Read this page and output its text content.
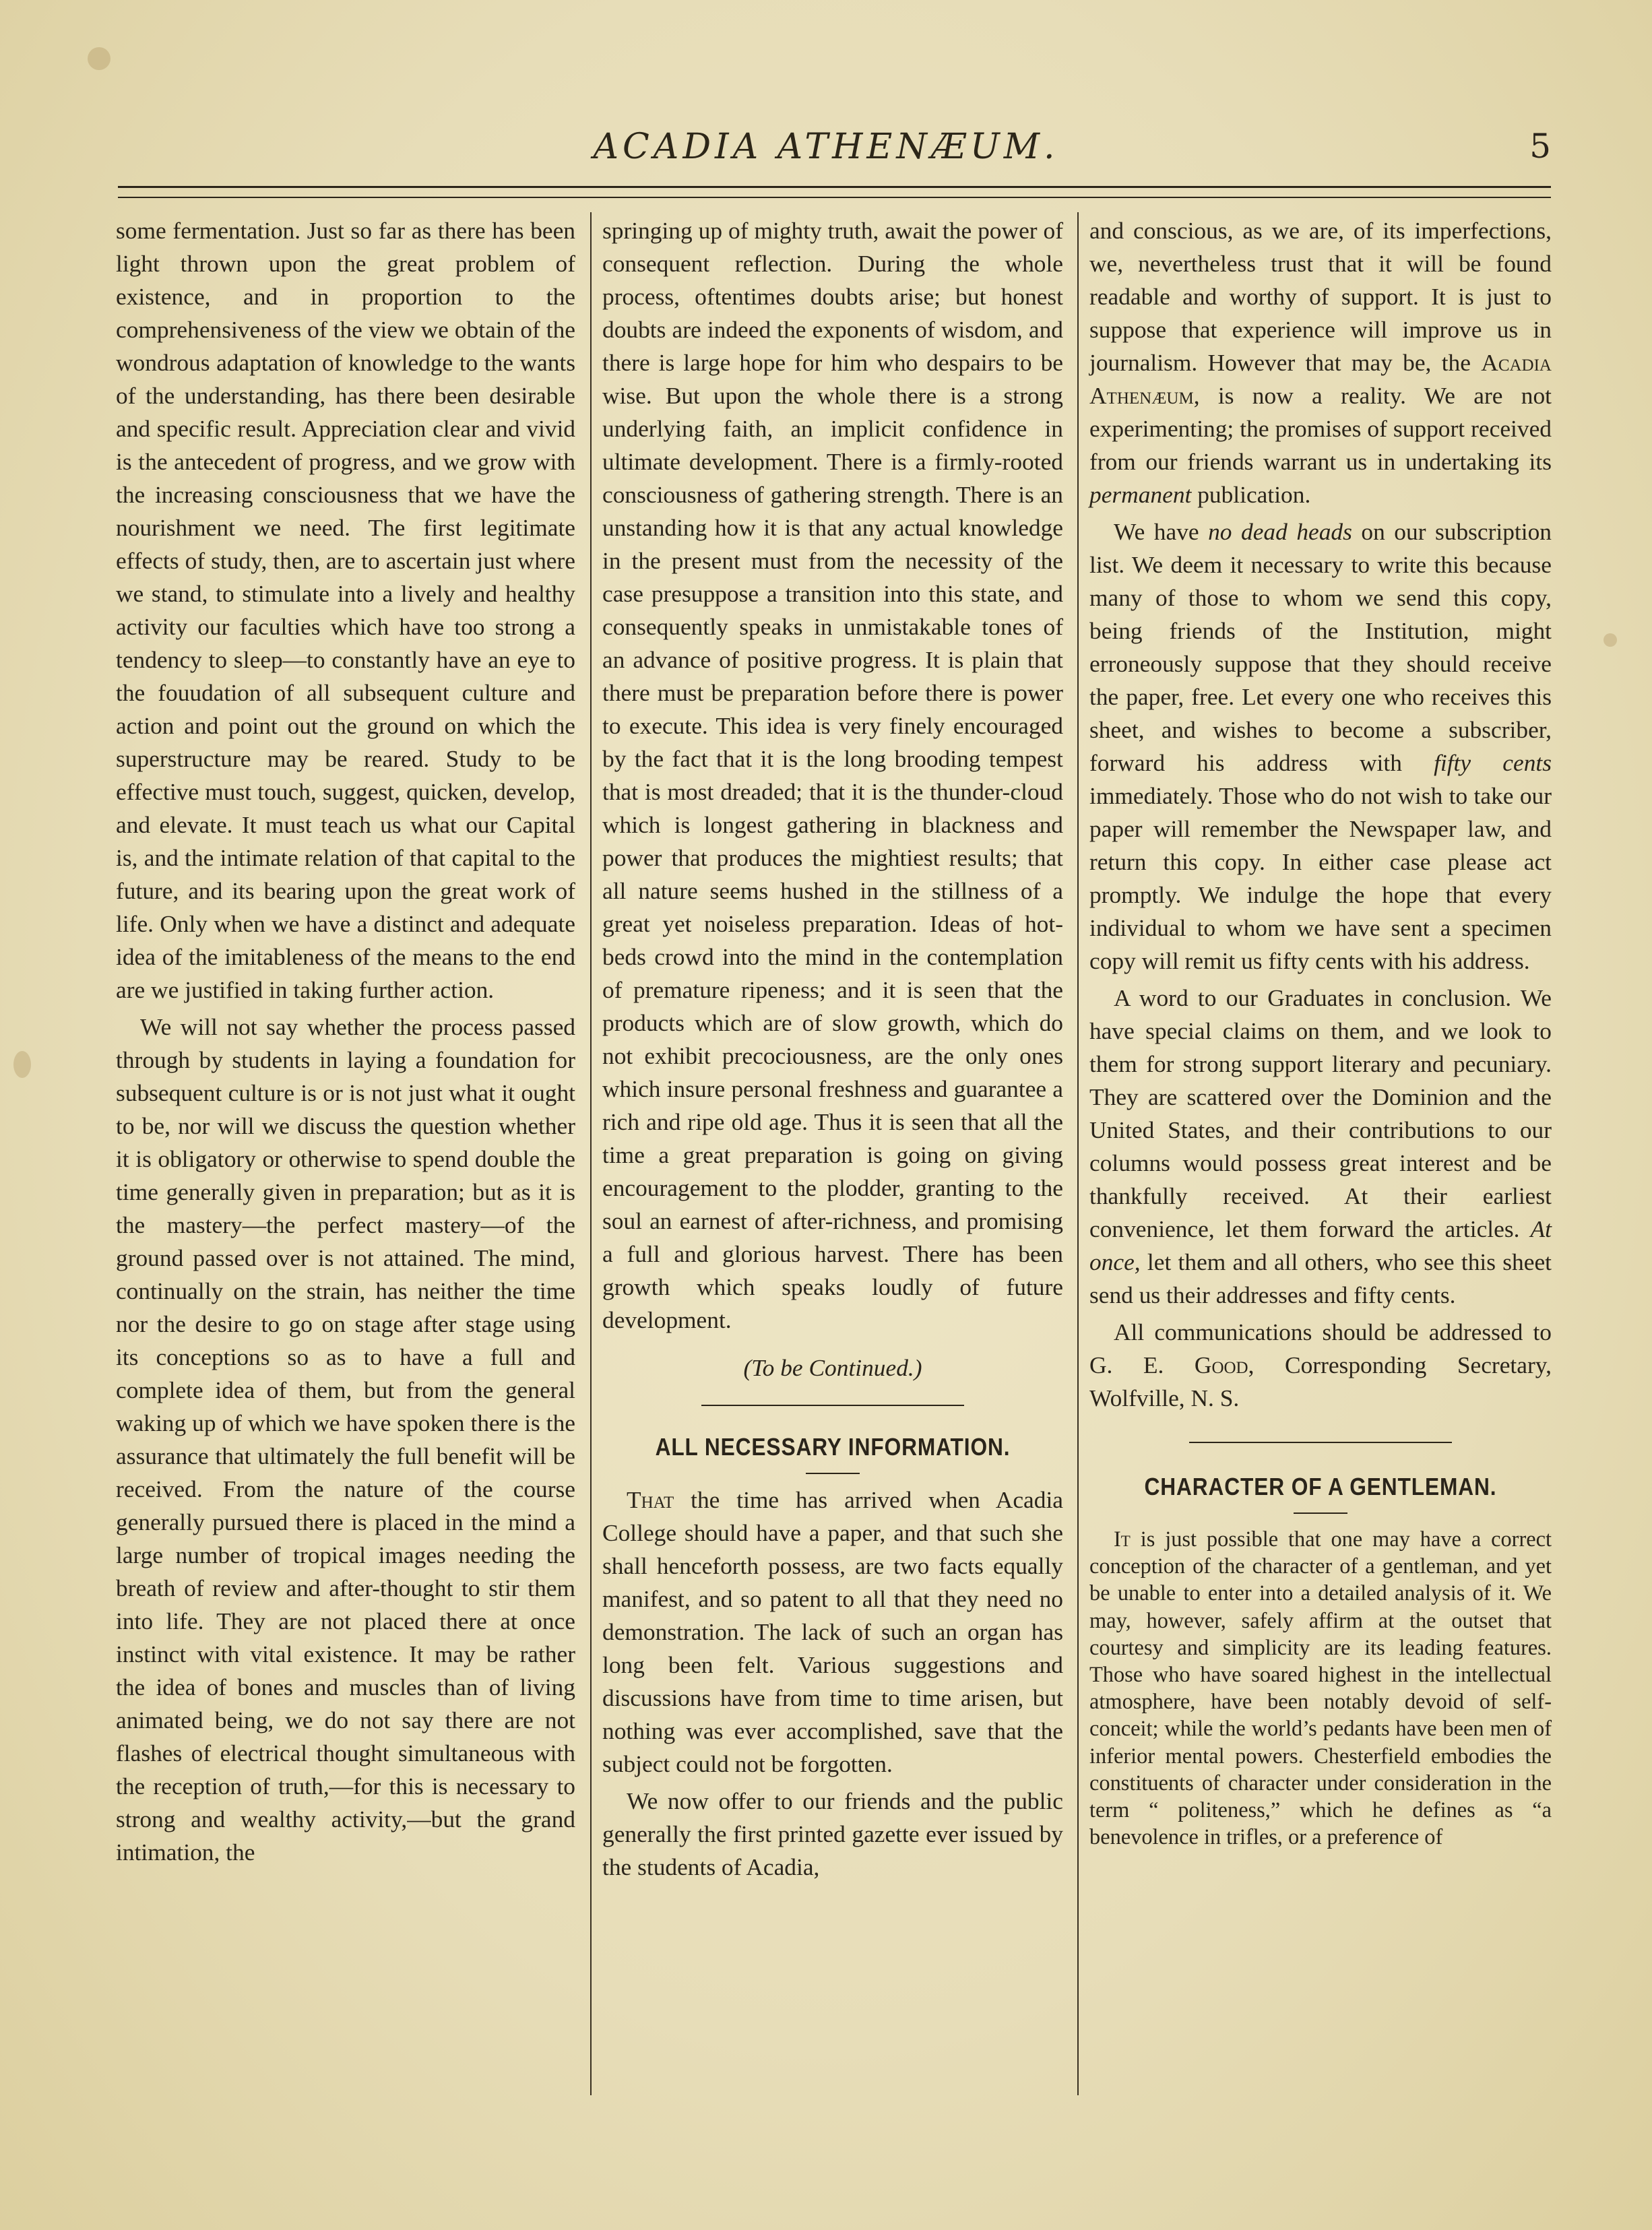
ACADIA ATHENÆUM.	5

some fermentation. Just so far as there has been light thrown upon the great problem of existence, and in proportion to the comprehensiveness of the view we obtain of the wondrous adaptation of knowledge to the wants of the understanding, has there been desirable and specific result. Appreciation clear and vivid is the antecedent of progress, and we grow with the increasing consciousness that we have the nourishment we need. The first legitimate effects of study, then, are to ascertain just where we stand, to stimulate into a lively and healthy activity our faculties which have too strong a tendency to sleep—to constantly have an eye to the fouudation of all subsequent culture and action and point out the ground on which the superstructure may be reared. Study to be effective must touch, suggest, quicken, develop, and elevate. It must teach us what our Capital is, and the intimate relation of that capital to the future, and its bearing upon the great work of life. Only when we have a distinct and adequate idea of the imitableness of the means to the end are we justified in taking further action.

We will not say whether the process passed through by students in laying a foundation for subsequent culture is or is not just what it ought to be, nor will we discuss the question whether it is obligatory or otherwise to spend double the time generally given in preparation; but as it is the mastery—the perfect mastery—of the ground passed over is not attained. The mind, continually on the strain, has neither the time nor the desire to go on stage after stage using its conceptions so as to have a full and complete idea of them, but from the general waking up of which we have spoken there is the assurance that ultimately the full benefit will be received. From the nature of the course generally pursued there is placed in the mind a large number of tropical images needing the breath of review and after-thought to stir them into life. They are not placed there at once instinct with vital existence. It may be rather the idea of bones and muscles than of living animated being, we do not say there are not flashes of electrical thought simultaneous with the reception of truth,—for this is necessary to strong and wealthy activity,—but the grand intimation, the

springing up of mighty truth, await the power of consequent reflection. During the whole process, oftentimes doubts arise; but honest doubts are indeed the exponents of wisdom, and there is large hope for him who despairs to be wise. But upon the whole there is a strong underlying faith, an implicit confidence in ultimate development. There is a firmly-rooted consciousness of gathering strength. There is an unstanding how it is that any actual knowledge in the present must from the necessity of the case presuppose a transition into this state, and consequently speaks in unmistakable tones of an advance of positive progress. It is plain that there must be preparation before there is power to execute. This idea is very finely encouraged by the fact that it is the long brooding tempest that is most dreaded; that it is the thunder-cloud which is longest gathering in blackness and power that produces the mightiest results; that all nature seems hushed in the stillness of a great yet noiseless preparation. Ideas of hot-beds crowd into the mind in the contemplation of premature ripeness; and it is seen that the products which are of slow growth, which do not exhibit precociousness, are the only ones which insure personal freshness and guarantee a rich and ripe old age. Thus it is seen that all the time a great preparation is going on giving encouragement to the plodder, granting to the soul an earnest of after-richness, and promising a full and glorious harvest. There has been growth which speaks loudly of future development.

(To be Continued.)

ALL NECESSARY INFORMATION.

That the time has arrived when Acadia College should have a paper, and that such she shall henceforth possess, are two facts equally manifest, and so patent to all that they need no demonstration. The lack of such an organ has long been felt. Various suggestions and discussions have from time to time arisen, but nothing was ever accomplished, save that the subject could not be forgotten.

We now offer to our friends and the public generally the first printed gazette ever issued by the students of Acadia,

and conscious, as we are, of its imperfections, we, nevertheless trust that it will be found readable and worthy of support. It is just to suppose that experience will improve us in journalism. However that may be, the Acadia Athenæum, is now a reality. We are not experimenting; the promises of support received from our friends warrant us in undertaking its permanent publication.

We have no dead heads on our subscription list. We deem it necessary to write this because many of those to whom we send this copy, being friends of the Institution, might erroneously suppose that they should receive the paper, free. Let every one who receives this sheet, and wishes to become a subscriber, forward his address with fifty cents immediately. Those who do not wish to take our paper will remember the Newspaper law, and return this copy. In either case please act promptly. We indulge the hope that every individual to whom we have sent a specimen copy will remit us fifty cents with his address.

A word to our Graduates in conclusion. We have special claims on them, and we look to them for strong support literary and pecuniary. They are scattered over the Dominion and the United States, and their contributions to our columns would possess great interest and be thankfully received. At their earliest convenience, let them forward the articles. At once, let them and all others, who see this sheet send us their addresses and fifty cents.

All communications should be addressed to G. E. Good, Corresponding Secretary, Wolfville, N. S.

CHARACTER OF A GENTLEMAN.

It is just possible that one may have a correct conception of the character of a gentleman, and yet be unable to enter into a detailed analysis of it. We may, however, safely affirm at the outset that courtesy and simplicity are its leading features. Those who have soared highest in the intellectual atmosphere, have been notably devoid of self-conceit; while the world’s pedants have been men of inferior mental powers. Chesterfield embodies the constituents of character under consideration in the term “ politeness,” which he defines as “a benevolence in trifles, or a preference of
